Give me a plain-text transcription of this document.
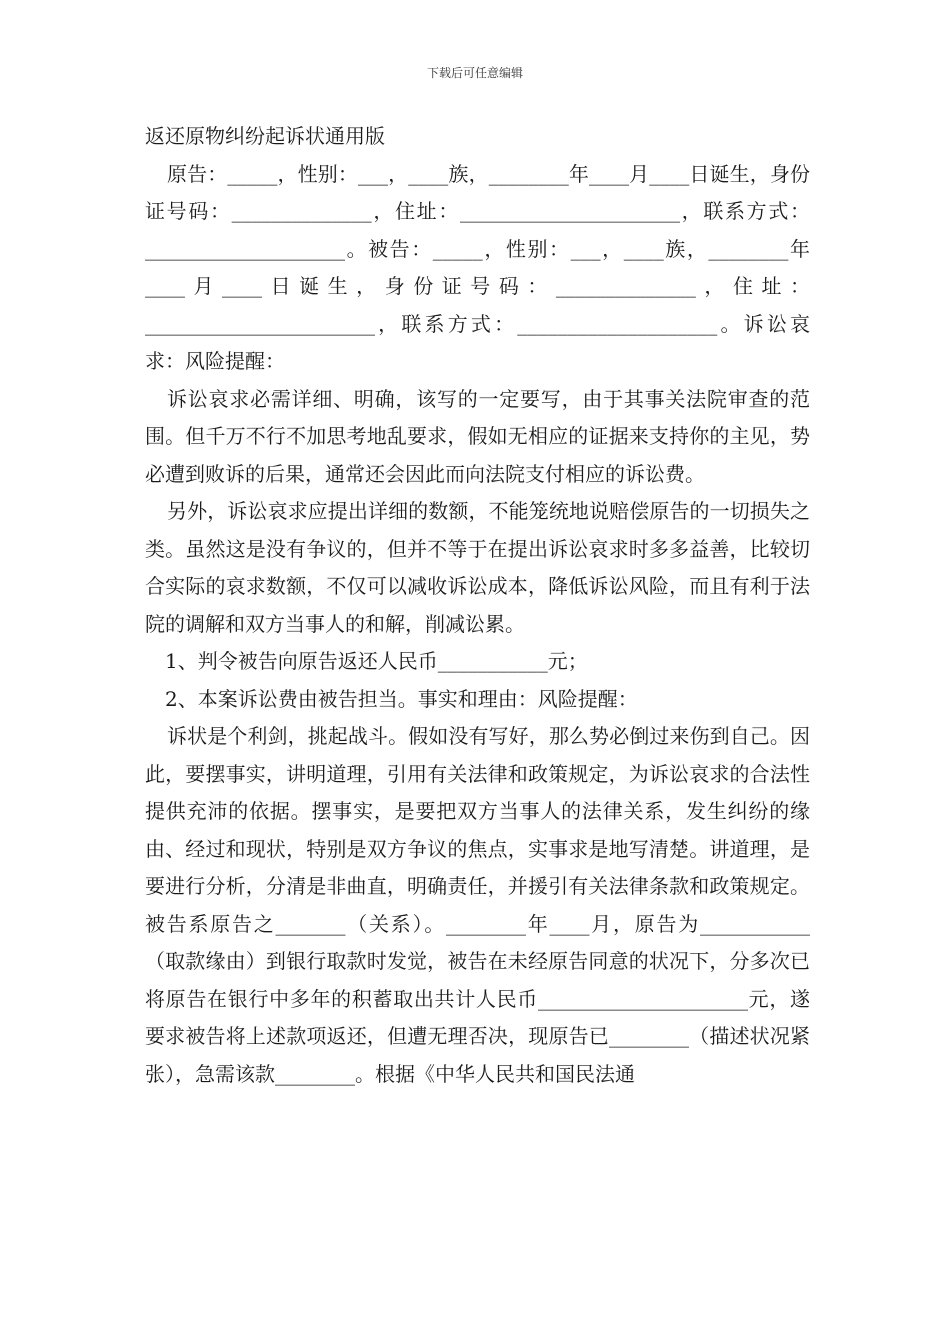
下载后可任意编辑

返还原物纠纷起诉状通用版

原告：_____，性别：___，____族，________年____月____日诞生，身份证号码：______________，住址：______________________，联系方式：____________________。被告：_____，性别：___，____族，________年____月____日诞生，身份证号码：______________，住址：_______________________，联系方式：____________________。诉讼哀求：风险提醒：

诉讼哀求必需详细、明确，该写的一定要写，由于其事关法院审查的范围。但千万不行不加思考地乱要求，假如无相应的证据来支持你的主见，势必遭到败诉的后果，通常还会因此而向法院支付相应的诉讼费。

另外，诉讼哀求应提出详细的数额，不能笼统地说赔偿原告的一切损失之类。虽然这是没有争议的，但并不等于在提出诉讼哀求时多多益善，比较切合实际的哀求数额，不仅可以减收诉讼成本，降低诉讼风险，而且有利于法院的调解和双方当事人的和解，削减讼累。

1、判令被告向原告返还人民币___________元；

2、本案诉讼费由被告担当。事实和理由：风险提醒：

诉状是个利剑，挑起战斗。假如没有写好，那么势必倒过来伤到自己。因此，要摆事实，讲明道理，引用有关法律和政策规定，为诉讼哀求的合法性提供充沛的依据。摆事实，是要把双方当事人的法律关系，发生纠纷的缘由、经过和现状，特别是双方争议的焦点，实事求是地写清楚。讲道理，是要进行分析，分清是非曲直，明确责任，并援引有关法律条款和政策规定。 被告系原告之_______（关系）。________年____月，原告为___________（取款缘由）到银行取款时发觉，被告在未经原告同意的状况下，分多次已将原告在银行中多年的积蓄取出共计人民币_____________________元，遂要求被告将上述款项返还，但遭无理否决，现原告已________（描述状况紧张），急需该款________。根据《中华人民共和国民法通
